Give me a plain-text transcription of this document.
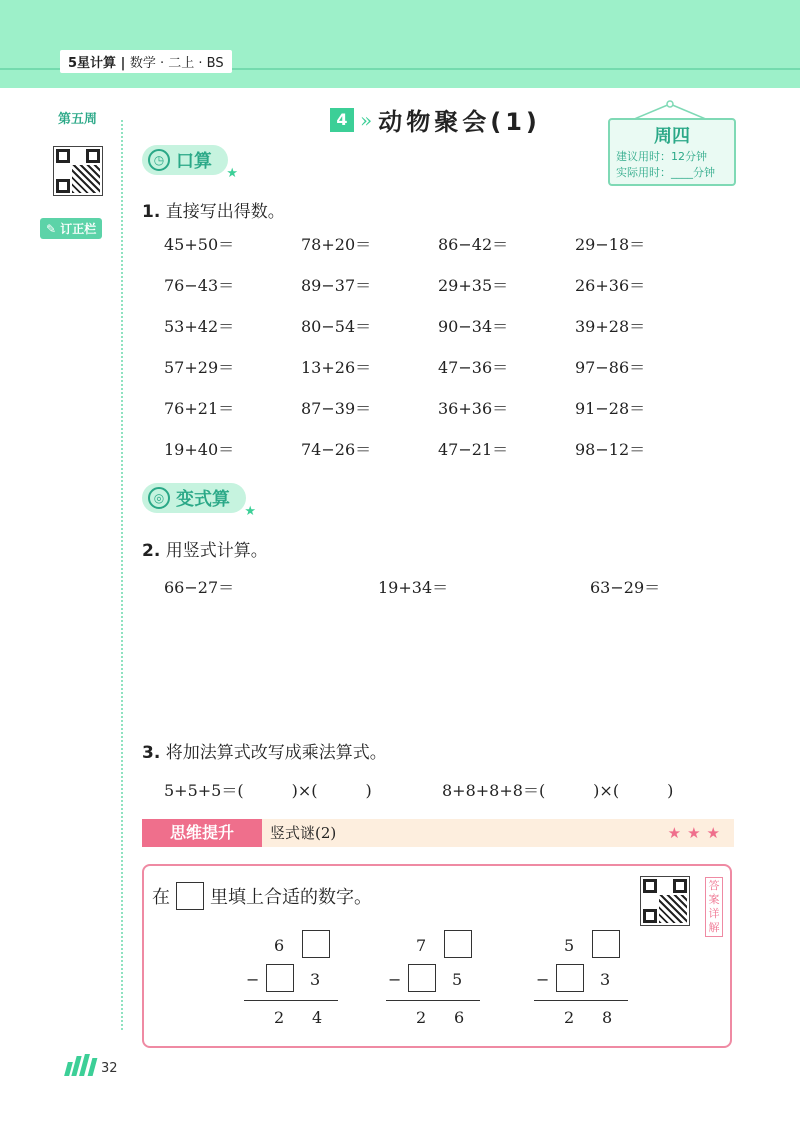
5星计算 | 数学 · 二上 · BS
第五周
✎ 订正栏
4 » 动物聚会(1)
周四
建议用时：12分钟
实际用时：____分钟
◷ 口算
★
1. 直接写出得数。
45+50＝	78+20＝	86−42＝	29−18＝
76−43＝	89−37＝	29+35＝	26+36＝
53+42＝	80−54＝	90−34＝	39+28＝
57+29＝	13+26＝	47−36＝	97−86＝
76+21＝	87−39＝	36+36＝	91−28＝
19+40＝	74−26＝	47−21＝	98−12＝
◎ 变式算
★
2. 用竖式计算。
66−27＝	19+34＝	63−29＝
3. 将加法算式改写成乘法算式。
5+5+5＝(　　　)×(　　　)	8+8+8+8＝(　　　)×(　　　)
思维提升	竖式谜(2)	★★★
在 里填上合适的数字。
答案详解
6
−	3
2 4
7
−	5
2 6
5
−	3
2 8
32
